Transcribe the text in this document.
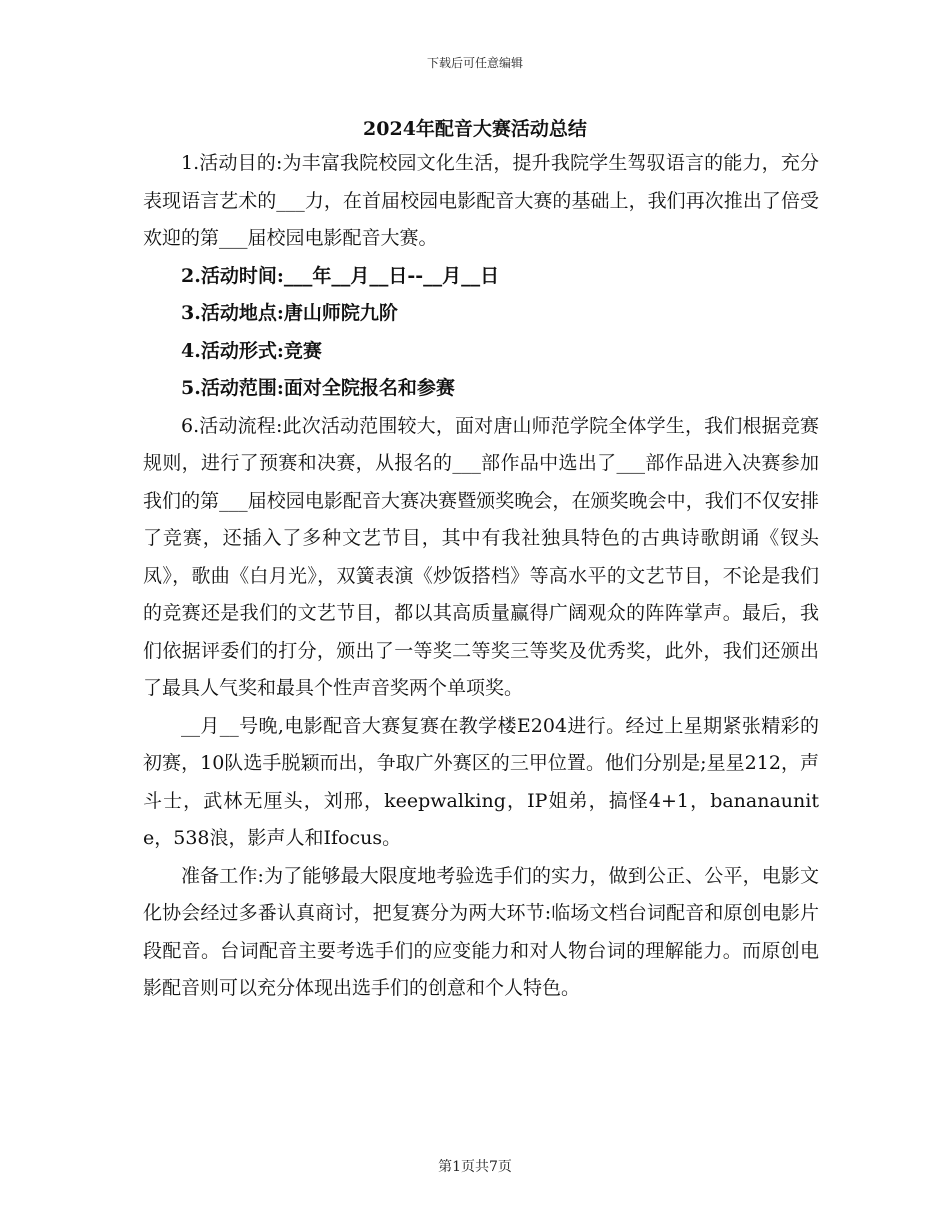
下载后可任意编辑
2024年配音大赛活动总结

1.活动目的:为丰富我院校园文化生活，提升我院学生驾驭语言的能力，充分表现语言艺术的___力，在首届校园电影配音大赛的基础上，我们再次推出了倍受欢迎的第___届校园电影配音大赛。

2.活动时间:___年__月__日--__月__日

3.活动地点:唐山师院九阶

4.活动形式:竞赛

5.活动范围:面对全院报名和参赛

6.活动流程:此次活动范围较大，面对唐山师范学院全体学生，我们根据竞赛规则，进行了预赛和决赛，从报名的___部作品中选出了___部作品进入决赛参加我们的第___届校园电影配音大赛决赛暨颁奖晚会，在颁奖晚会中，我们不仅安排了竞赛，还插入了多种文艺节目，其中有我社独具特色的古典诗歌朗诵《钗头凤》，歌曲《白月光》，双簧表演《炒饭搭档》等高水平的文艺节目，不论是我们的竞赛还是我们的文艺节目，都以其高质量赢得广阔观众的阵阵掌声。最后，我们依据评委们的打分，颁出了一等奖二等奖三等奖及优秀奖，此外，我们还颁出了最具人气奖和最具个性声音奖两个单项奖。

__月__号晚,电影配音大赛复赛在教学楼E204进行。经过上星期紧张精彩的初赛，10队选手脱颖而出，争取广外赛区的三甲位置。他们分别是;星星212，声斗士，武林无厘头，刘邢，keepwalking，IP姐弟，搞怪4+1，bananaunite，538浪，影声人和Ifocus。

准备工作:为了能够最大限度地考验选手们的实力，做到公正、公平，电影文化协会经过多番认真商讨，把复赛分为两大环节:临场文档台词配音和原创电影片段配音。台词配音主要考选手们的应变能力和对人物台词的理解能力。而原创电影配音则可以充分体现出选手们的创意和个人特色。

第1页共7页
